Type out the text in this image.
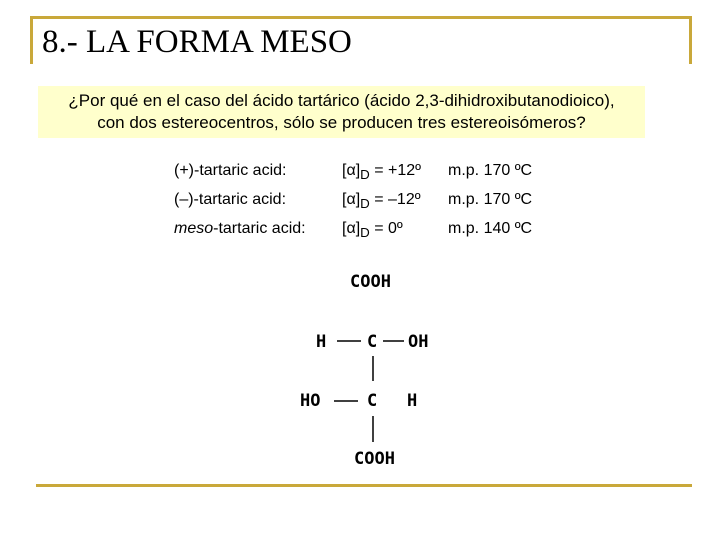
8.- LA FORMA MESO
¿Por qué en el caso del ácido tartárico (ácido 2,3-dihidroxibutanodioico),
con dos estereocentros, sólo se producen tres estereoisómeros?
(+)-tartaric acid:	$[\alpha]_D$ = +12º m.p. 170 ºC
(–)-tartaric acid:	$[\alpha]_D$ = –12º m.p. 170 ºC
meso-tartaric acid: $[\alpha]_D$ = 0º	m.p. 140 ºC
COOH
H C OH
HO	C H
COOH
